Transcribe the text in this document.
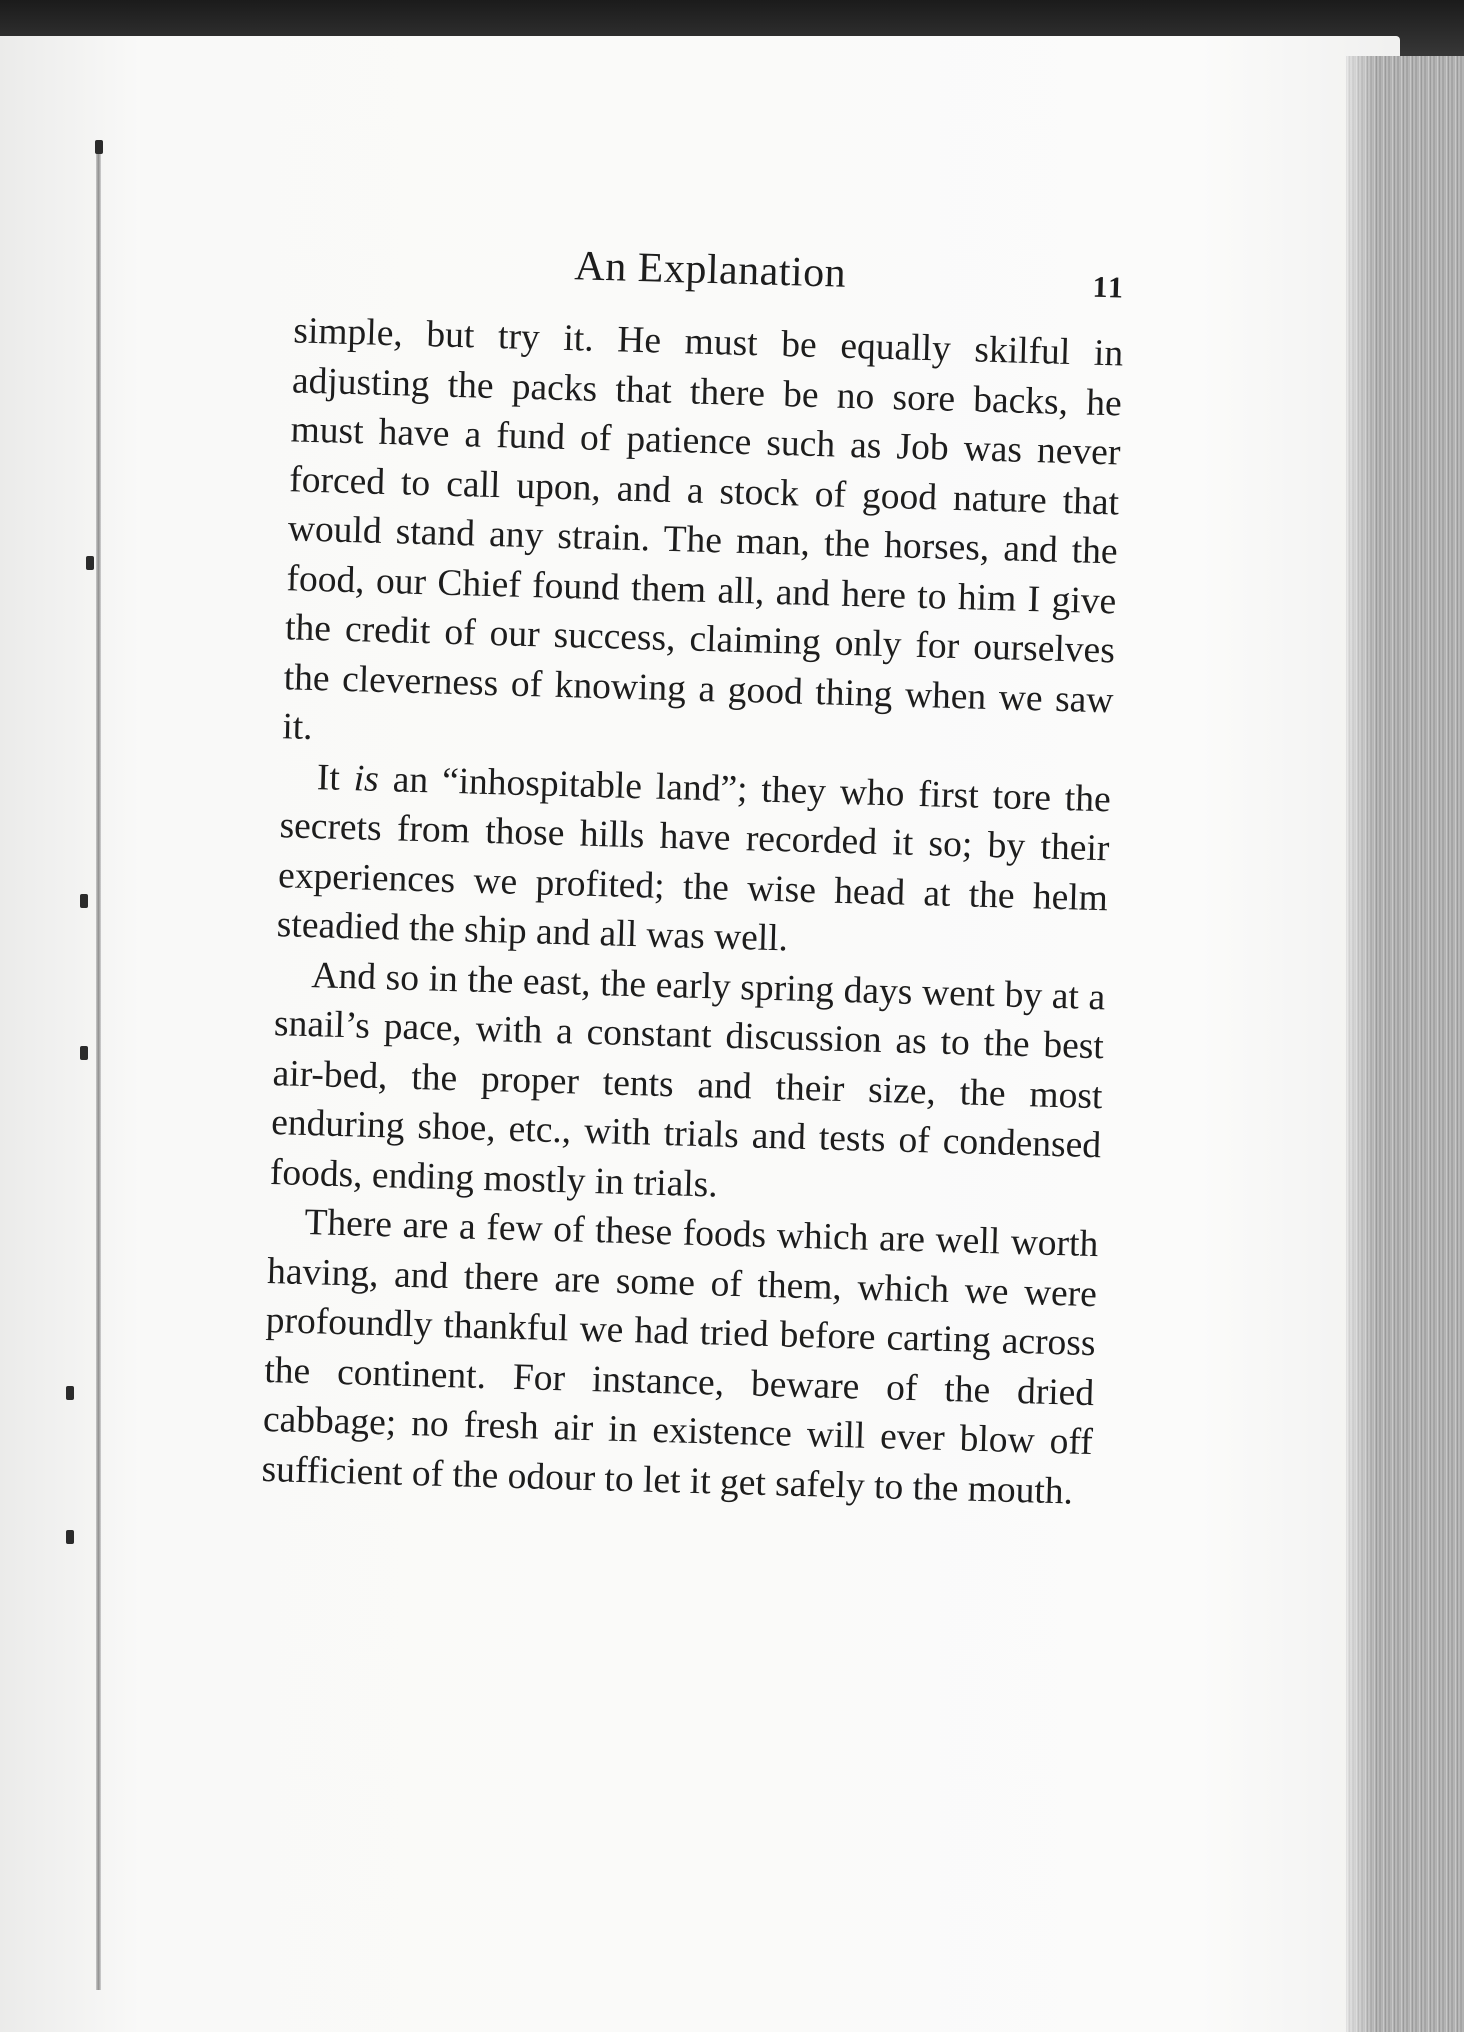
An Explanation	11

simple, but try it. He must be equally skilful in adjusting the packs that there be no sore backs, he must have a fund of patience such as Job was never forced to call upon, and a stock of good nature that would stand any strain. The man, the horses, and the food, our Chief found them all, and here to him I give the credit of our success, claiming only for ourselves the cleverness of knowing a good thing when we saw it.

It is an “inhospitable land”; they who first tore the secrets from those hills have recorded it so; by their experiences we profited; the wise head at the helm steadied the ship and all was well.

And so in the east, the early spring days went by at a snail’s pace, with a constant discussion as to the best air-bed, the proper tents and their size, the most enduring shoe, etc., with trials and tests of condensed foods, ending mostly in trials.

There are a few of these foods which are well worth having, and there are some of them, which we were profoundly thankful we had tried before carting across the continent. For instance, beware of the dried cabbage; no fresh air in existence will ever blow off sufficient of the odour to let it get safely to the mouth.
